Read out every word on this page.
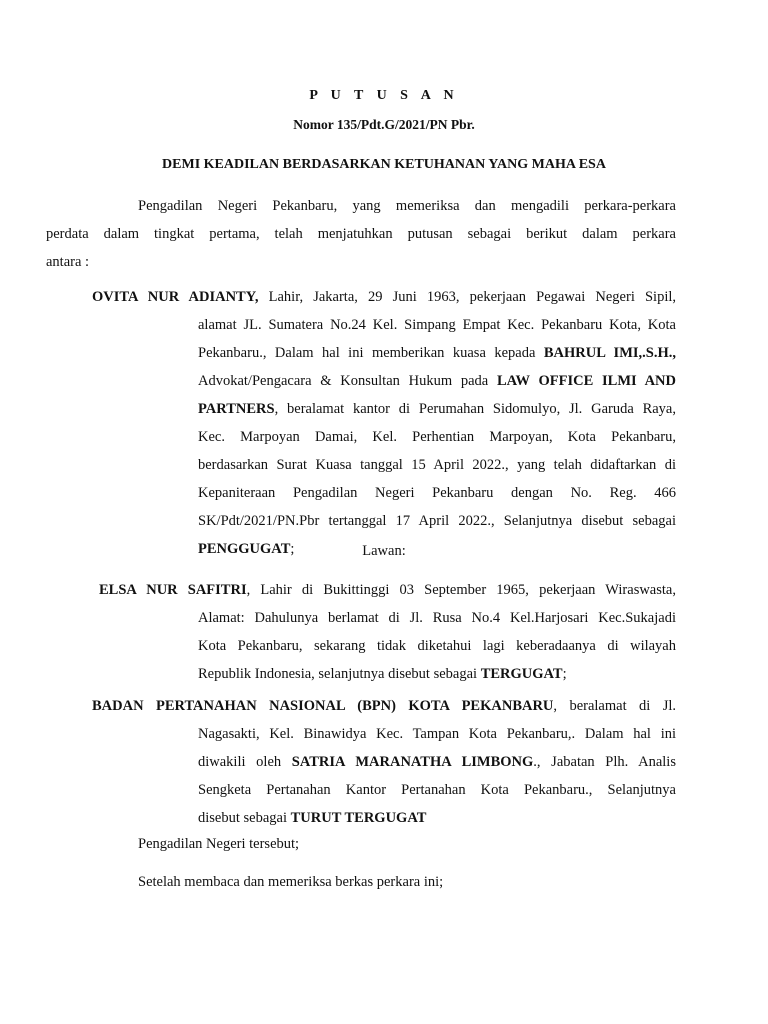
P U T U S A N
Nomor 135/Pdt.G/2021/PN Pbr.
DEMI KEADILAN BERDASARKAN KETUHANAN YANG MAHA ESA
Pengadilan Negeri Pekanbaru, yang memeriksa dan mengadili perkara-perkara
perdata dalam tingkat pertama, telah menjatuhkan putusan sebagai berikut dalam perkara
antara :
OVITA NUR ADIANTY, Lahir, Jakarta, 29 Juni 1963, pekerjaan Pegawai Negeri Sipil,
alamat JL. Sumatera No.24 Kel. Simpang Empat Kec. Pekanbaru Kota, Kota
Pekanbaru., Dalam hal ini memberikan kuasa kepada BAHRUL IMI,.S.H.,
Advokat/Pengacara & Konsultan Hukum pada LAW OFFICE ILMI AND
PARTNERS, beralamat kantor di Perumahan Sidomulyo, Jl. Garuda Raya,
Kec. Marpoyan Damai, Kel. Perhentian Marpoyan, Kota Pekanbaru,
berdasarkan Surat Kuasa tanggal 15 April 2022., yang telah didaftarkan di
Kepaniteraan Pengadilan Negeri Pekanbaru dengan No. Reg. 466
SK/Pdt/2021/PN.Pbr tertanggal 17 April 2022., Selanjutnya disebut sebagai
PENGGUGAT;	Lawan:
ELSA NUR SAFITRI, Lahir di Bukittinggi 03 September 1965, pekerjaan Wiraswasta,
Alamat: Dahulunya berlamat di Jl. Rusa No.4 Kel.Harjosari Kec.Sukajadi
Kota Pekanbaru, sekarang tidak diketahui lagi keberadaanya di wilayah
Republik Indonesia, selanjutnya disebut sebagai TERGUGAT;
BADAN PERTANAHAN NASIONAL (BPN) KOTA PEKANBARU, beralamat di Jl.
Nagasakti, Kel. Binawidya Kec. Tampan Kota Pekanbaru,. Dalam hal ini
diwakili oleh SATRIA MARANATHA LIMBONG., Jabatan Plh. Analis
Sengketa Pertanahan Kantor Pertanahan Kota Pekanbaru., Selanjutnya
disebut sebagai TURUT TERGUGAT
Pengadilan Negeri tersebut;
Setelah membaca dan memeriksa berkas perkara ini;
